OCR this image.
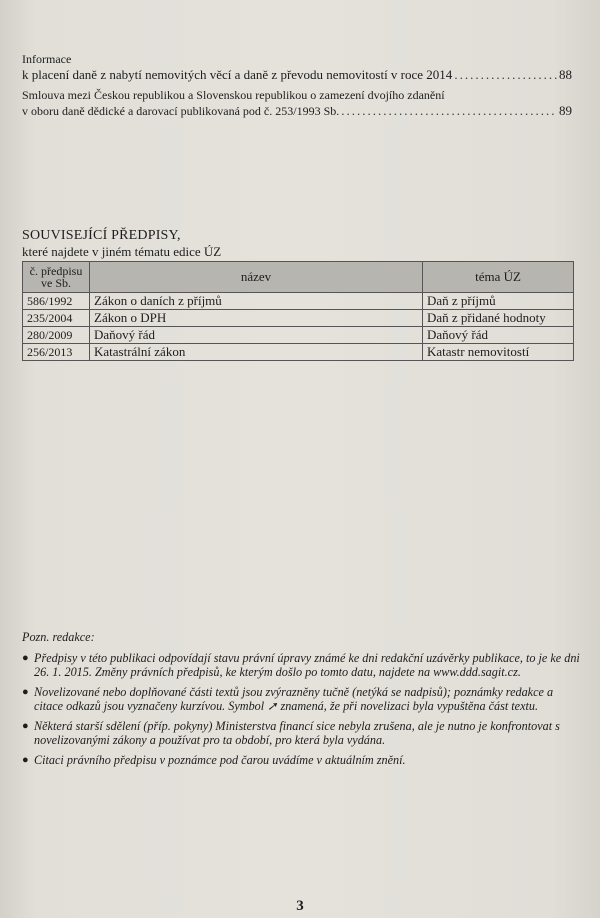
Informace
k placení daně z nabytí nemovitých věcí a daně z převodu nemovitostí v roce 2014 .....	88
Smlouva mezi Českou republikou a Slovenskou republikou o zamezení dvojího zdanění
v oboru daně dědické a darovací publikovaná pod č. 253/1993 Sb. .....	89
SOUVISEJÍCÍ PŘEDPISY,
které najdete v jiném tématu edice ÚZ
č. předpisu ve Sb.	název	téma ÚZ
586/1992	Zákon o daních z příjmů	Daň z příjmů
235/2004	Zákon o DPH	Daň z přidané hodnoty
280/2009	Daňový řád	Daňový řád
256/2013	Katastrální zákon	Katastr nemovitostí
Pozn. redakce:
● Předpisy v této publikaci odpovídají stavu právní úpravy známé ke dni redakční uzávěrky publikace, to je ke dni 26. 1. 2015. Změny právních předpisů, ke kterým došlo po tomto datu, najdete na www.ddd.sagit.cz.
● Novelizované nebo doplňované části textů jsou zvýrazněny tučně (netýká se nadpisů); poznámky redakce a citace odkazů jsou vyznačeny kurzívou. Symbol ➚ znamená, že při novelizaci byla vypuštěna část textu.
● Některá starší sdělení (příp. pokyny) Ministerstva financí sice nebyla zrušena, ale je nutno je konfrontovat s novelizovanými zákony a používat pro ta období, pro která byla vydána.
● Citaci právního předpisu v poznámce pod čarou uvádíme v aktuálním znění.
3
